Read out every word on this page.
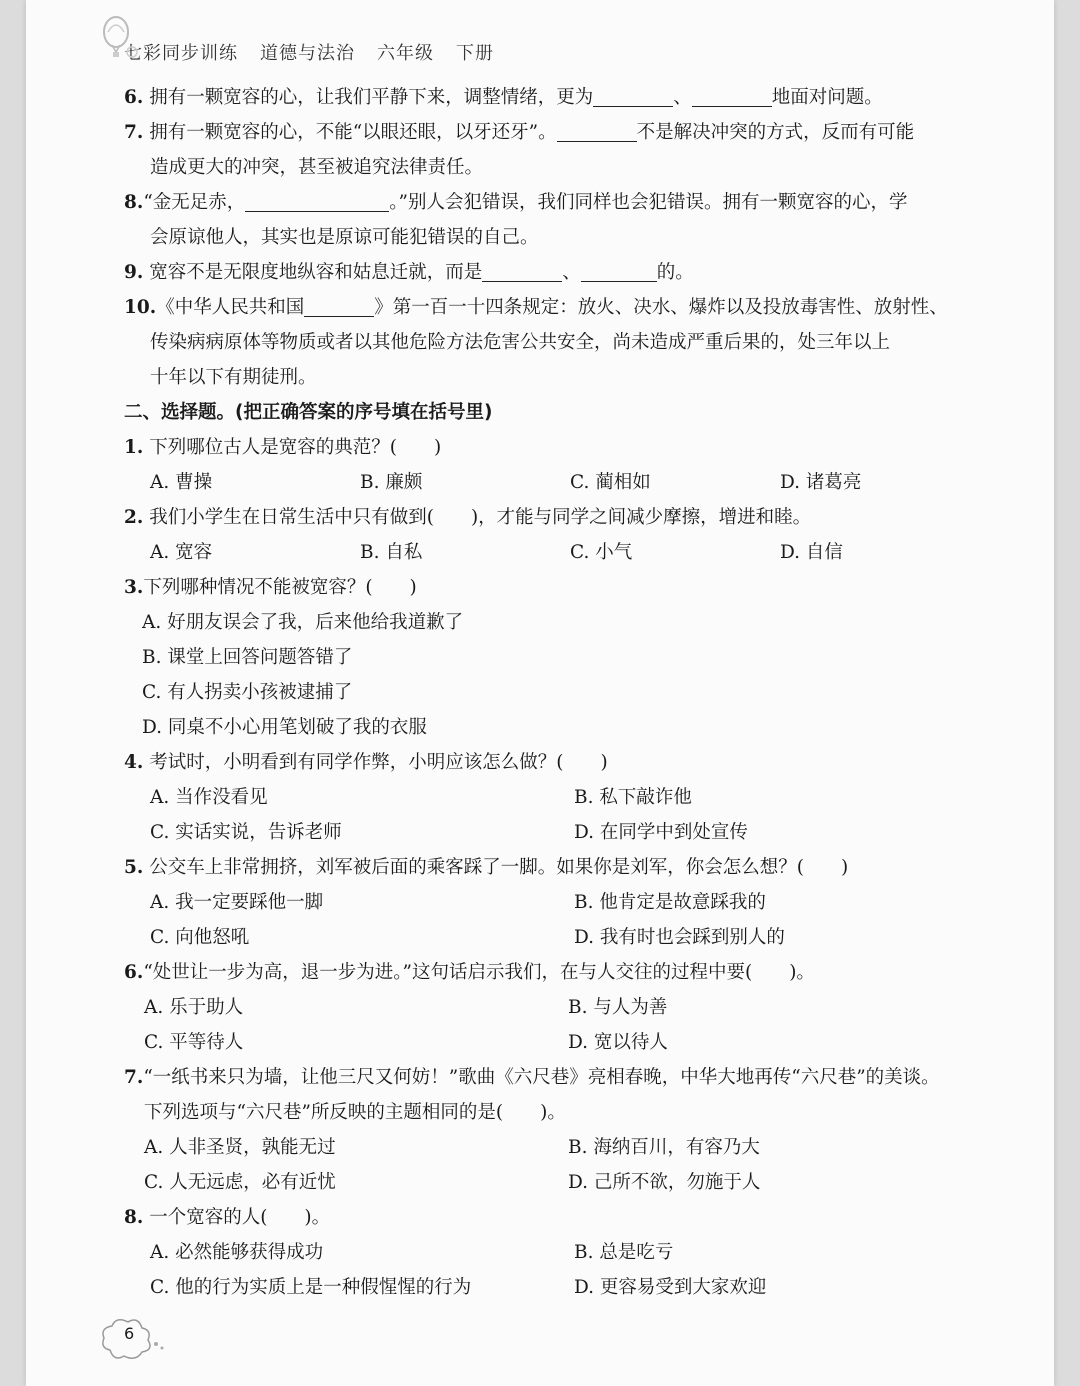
七彩同步训练 道德与法治 六年级 下册
6. 拥有一颗宽容的心，让我们平静下来，调整情绪，更为	、	地面对问题。
7. 拥有一颗宽容的心，不能“以眼还眼，以牙还牙”。	不是解决冲突的方式，反而有可能
造成更大的冲突，甚至被追究法律责任。
8.“金无足赤，	。”别人会犯错误，我们同样也会犯错误。拥有一颗宽容的心，学
会原谅他人，其实也是原谅可能犯错误的自己。
9. 宽容不是无限度地纵容和姑息迁就，而是	、	的。
10.《中华人民共和国	》第一百一十四条规定：放火、决水、爆炸以及投放毒害性、放射性、
传染病病原体等物质或者以其他危险方法危害公共安全，尚未造成严重后果的，处三年以上
十年以下有期徒刑。
二、选择题。(把正确答案的序号填在括号里)
1. 下列哪位古人是宽容的典范？(　　)
A. 曹操	B. 廉颇	C. 蔺相如	D. 诸葛亮
2. 我们小学生在日常生活中只有做到(　　)，才能与同学之间减少摩擦，增进和睦。
A. 宽容	B. 自私	C. 小气	D. 自信
3.下列哪种情况不能被宽容？(　　)
A. 好朋友误会了我，后来他给我道歉了
B. 课堂上回答问题答错了
C. 有人拐卖小孩被逮捕了
D. 同桌不小心用笔划破了我的衣服
4. 考试时，小明看到有同学作弊，小明应该怎么做？(　　)
A. 当作没看见	B. 私下敲诈他
C. 实话实说，告诉老师	D. 在同学中到处宣传
5. 公交车上非常拥挤，刘军被后面的乘客踩了一脚。如果你是刘军，你会怎么想？(　　)
A. 我一定要踩他一脚	B. 他肯定是故意踩我的
C. 向他怒吼	D. 我有时也会踩到别人的
6.“处世让一步为高，退一步为进。”这句话启示我们，在与人交往的过程中要(　　)。
A. 乐于助人	B. 与人为善
C. 平等待人	D. 宽以待人
7.“一纸书来只为墙，让他三尺又何妨！”歌曲《六尺巷》亮相春晚，中华大地再传“六尺巷”的美谈。
下列选项与“六尺巷”所反映的主题相同的是(　　)。
A. 人非圣贤，孰能无过	B. 海纳百川，有容乃大
C. 人无远虑，必有近忧	D. 己所不欲，勿施于人
8. 一个宽容的人(　　)。
A. 必然能够获得成功	B. 总是吃亏
C. 他的行为实质上是一种假惺惺的行为	D. 更容易受到大家欢迎
6
